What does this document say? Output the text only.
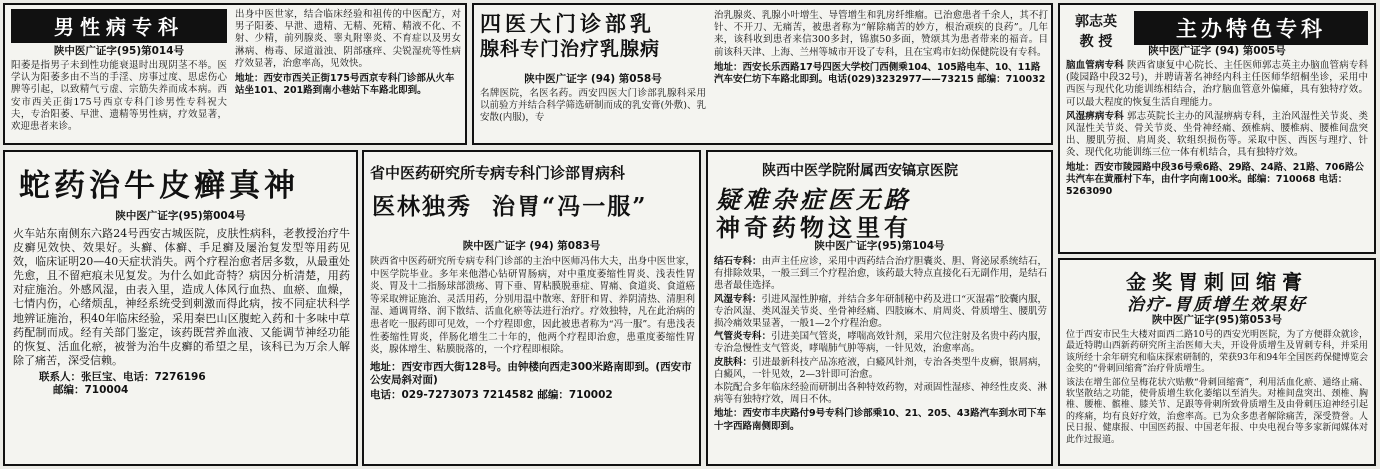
男性病专科
陕中医广证字(95)第014号

阳萎是指男子未到性功能衰退时出现阴茎不举。医学认为阳萎多由不当的手淫、房事过度、思虑伤心脾等引起，以致精气亏虚、宗筋失养而成本病。西安市西关正街175号西京专科门诊男性专科祝大夫，专治阳萎、早泄、遗精等男性病，疗效显著，欢迎患者来诊。

出身中医世家，结合临床经验和祖传的中医配方，对男子阳萎、早泄、遗精、无精、死精、精液不化、不射、少精，前列腺炎、睾丸附睾炎、不育症以及男女淋病、梅毒、尿道溢浊、阴部瘙痒、尖锐湿疣等性病疗效显著，治愈率高，见效快。

地址：西安市西关正街175号西京专科门诊部从火车站坐101、201路到南小巷站下车路北即到。

四医大门诊部乳
腺科专门治疗乳腺病
陕中医广证字 (94) 第058号

名牌医院，名医名药。西安四医大门诊部乳腺科采用以前验方并结合科学筛选研制而成的乳安膏(外敷)、乳安散(内服)，专

治乳腺炎、乳腺小叶增生、导管增生和乳房纤维瘤。已治愈患者千余人，其不打针、不开刀、无痛苦，被患者称为“解除痛苦的妙方，根治顽疾的良药”。几年来，该科收到患者来信300多封，锦旗50多面，赞颂其为患者带来的福音。目前该科天津、上海、兰州等城市开设了专科，且在宝鸡市妇幼保健院设有专科。

地址：西安长乐西路17号四医大学校门西侧乘104、105路电车、10、11路汽车安仁坊下车路北即到。电话(029)3232977——73215 邮编：710032

郭志英
教 授
主办特色专科
陕中医广证字 (94) 第005号

脑血管病专科 陕西省康复中心院长、主任医师郭志英主办脑血管病专科(陵园路中段32号)，并聘请著名神经内科主任医师华绍桐坐诊，采用中西医与现代化功能训练相结合，治疗脑血管意外偏瘫，具有独特疗效。可以最大程度的恢复生活自理能力。

风湿痹病专科 郭志英院长主办的风湿痹病专科，主治风湿性关节炎、类风湿性关节炎、骨关节炎、坐骨神经痛、颈椎病、腰椎病、腰椎间盘突出、腰肌劳损、肩周炎、软组织损伤等。采取中医、西医与理疗、针灸、现代化功能训练三位一体有机结合，具有独特疗效。

地址：西安市陵园路中段36号乘6路、29路、24路、21路、706路公共汽车在黄雁村下车，由什字向南100米。邮编：710068 电话：5263090

蛇药治牛皮癣真神
陕中医广证字(95)第004号

火车站东南侧东六路24号西安古城医院，皮肤性病科，老教授治疗牛皮癣见效快、效果好。头癣、体癣、手足癣及屡治复发型等用药见效，临床证明20—40天症状消失。两个疗程治愈者居多数，从最重处先愈，且不留疤痕未见复发。为什么如此奇特？病因分析清楚，用药对症施治。外感风湿，由表入里，造成人体风行血热、血瘀、血燥，七情内伤，心绪烦乱，神经系统受到刺激而得此病，按不同症状科学地辨证施治，积40年临床经验，采用秦巴山区腹蛇入药和十多味中草药配制而成。经有关部门鉴定，该药既营养血液、又能调节神经功能的恢复、活血化瘀，被誉为治牛皮癣的希望之星，该科已为万余人解除了痛苦，深受信赖。

联系人：张巨宝、电话：7276196

邮编：710004

省中医药研究所专病专科门诊部胃病科
医林独秀  治胃“冯一服”
陕中医广证字 (94) 第083号

陕西省中医药研究所专病专科门诊部的主治中医师冯伟大夫，出身中医世家，中医学院毕业。多年来他潜心钻研胃肠病，对中重度萎缩性胃炎、浅表性胃炎、胃及十二指肠球部溃疡、胃下垂、胃粘膜脱垂症、胃痛、食道炎、食道癌等采取辨证施治、灵活用药，分别用温中散寒、舒肝和胃、养阴清热、清胆利湿、通调胃络、润下散结、活血化瘀等法进行治疗。疗效独特，凡在此治病的患者吃一服药即可见效，一个疗程即愈，因此被患者称为“冯一服”。有患浅表性萎缩性胃炎，伴肠化增生二十年的，他两个疗程即治愈，患重度萎缩性胃炎，腺体增生、粘膜脱落的，一个疗程即根除。

地址：西安市西大街128号。由钟楼向西走300米路南即到。(西安市公安局斜对面)

电话：029-7273073 7214582 邮编：710002

陕西中医学院附属西安镐京医院
疑难杂症医无路
神奇药物这里有
陕中医广证字(95)第104号

结石专科：由声主任应诊，采用中西药结合治疗胆囊炎、胆、肾泌尿系统结石，有排除效果，一般三到三个疗程治愈，该药最大特点直接化石无副作用，是结石患者最佳选择。

风湿专科：引进风湿性肿瘤，并结合多年研制秘中药及进口“灭湿霜”胶囊内服，专治风湿、类风湿关节炎、坐骨神经痛、四肢麻木、肩周炎、骨质增生、腰肌劳损冷痛效果显著，一般1—2个疗程治愈。

气管炎专科：引进美国气管炎，哮喘高效针剂，采用穴位注射及名贵中药内服，专治急慢性支气管炎，哮喘肺气肿等病，一针见效，治愈率高。

皮肤科：引进最新科技产品冻疮液，白癜风针剂，专治各类型牛皮癣，银屑病，白癜风，一针见效，2—3针即可治愈。

本院配合多年临床经验而研制出各种特效药物，对顽固性湿疹、神经性皮炎、淋病等有独特疗效，周日不休。

地址：西安市丰庆路付9号专科门诊部乘10、21、205、43路汽车到水司下车十字西路南侧即到。

金奖胃刺回缩膏
治疗-胃质增生效果好
陕中医广证字(95)第053号

位于西安市民生大楼对面西二路10号的西安光明医院，为了方便群众就诊，最近特聘山西新药研究所主治医师大夫，开设骨质增生及胃刺专科，并采用该所经十余年研究和临床探索研制的，荣获93年和94年全国医药保健博览会金奖的“骨刺回缩膏”治疗骨质增生。

该法在增生部位呈梅花状穴贴敷“骨刺回缩膏”，利用活血化瘀、通络止痛、软坚散结之功能，使骨质增生软化萎缩以至消失。对椎间盘突出、颈椎、胸椎、腰椎、髌椎、膝关节、足跟等骨刺所致骨质增生及由骨刺压迫神经引起的疼痛，均有良好疗效，治愈率高。已为众多患者解除痛苦，深受赞誉。人民日报、健康报、中国医药报、中国老年报、中央电视台等多家新闻媒体对此作过报道。
